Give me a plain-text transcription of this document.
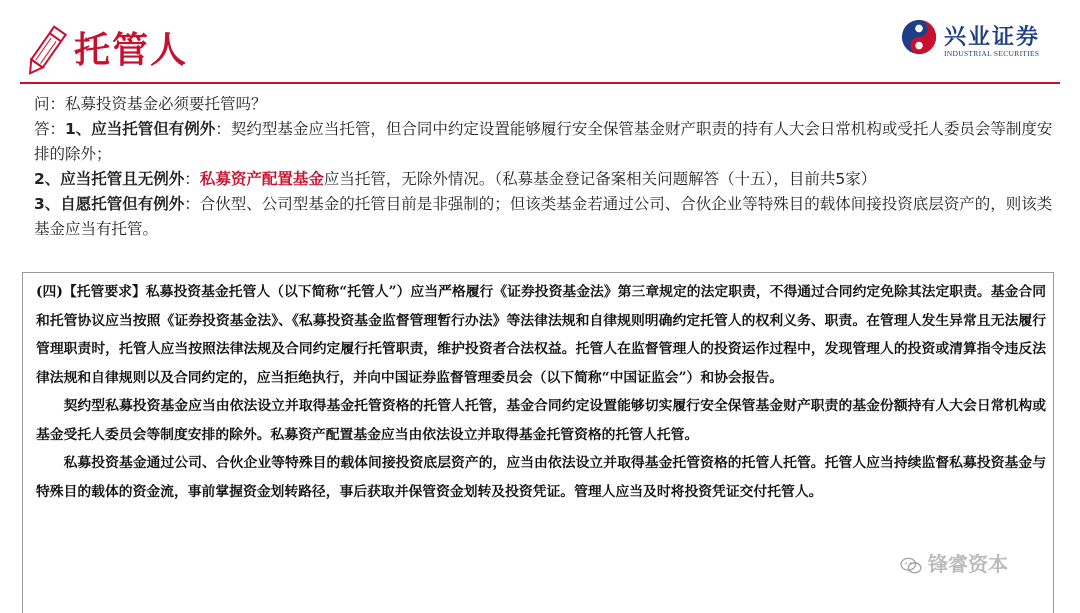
托管人	兴业证券
INDUSTRIAL SECURITIES

问：私募投资基金必须要托管吗？

答：1、应当托管但有例外：契约型基金应当托管，但合同中约定设置能够履行安全保管基金财产职责的持有人大会日常机构或受托人委员会等制度安排的除外；

2、应当托管且无例外：私募资产配置基金应当托管，无除外情况。（私募基金登记备案相关问题解答（十五），目前共5家）

3、自愿托管但有例外：合伙型、公司型基金的托管目前是非强制的；但该类基金若通过公司、合伙企业等特殊目的载体间接投资底层资产的，则该类基金应当有托管。

(四)【托管要求】私募投资基金托管人（以下简称“托管人”）应当严格履行《证券投资基金法》第三章规定的法定职责，不得通过合同约定免除其法定职责。基金合同和托管协议应当按照《证券投资基金法》、《私募投资基金监督管理暂行办法》等法律法规和自律规则明确约定托管人的权利义务、职责。在管理人发生异常且无法履行管理职责时，托管人应当按照法律法规及合同约定履行托管职责，维护投资者合法权益。托管人在监督管理人的投资运作过程中，发现管理人的投资或清算指令违反法律法规和自律规则以及合同约定的，应当拒绝执行，并向中国证券监督管理委员会（以下简称“中国证监会”）和协会报告。

契约型私募投资基金应当由依法设立并取得基金托管资格的托管人托管，基金合同约定设置能够切实履行安全保管基金财产职责的基金份额持有人大会日常机构或基金受托人委员会等制度安排的除外。私募资产配置基金应当由依法设立并取得基金托管资格的托管人托管。

私募投资基金通过公司、合伙企业等特殊目的载体间接投资底层资产的，应当由依法设立并取得基金托管资格的托管人托管。托管人应当持续监督私募投资基金与特殊目的载体的资金流，事前掌握资金划转路径，事后获取并保管资金划转及投资凭证。管理人应当及时将投资凭证交付托管人。

锋睿资本
